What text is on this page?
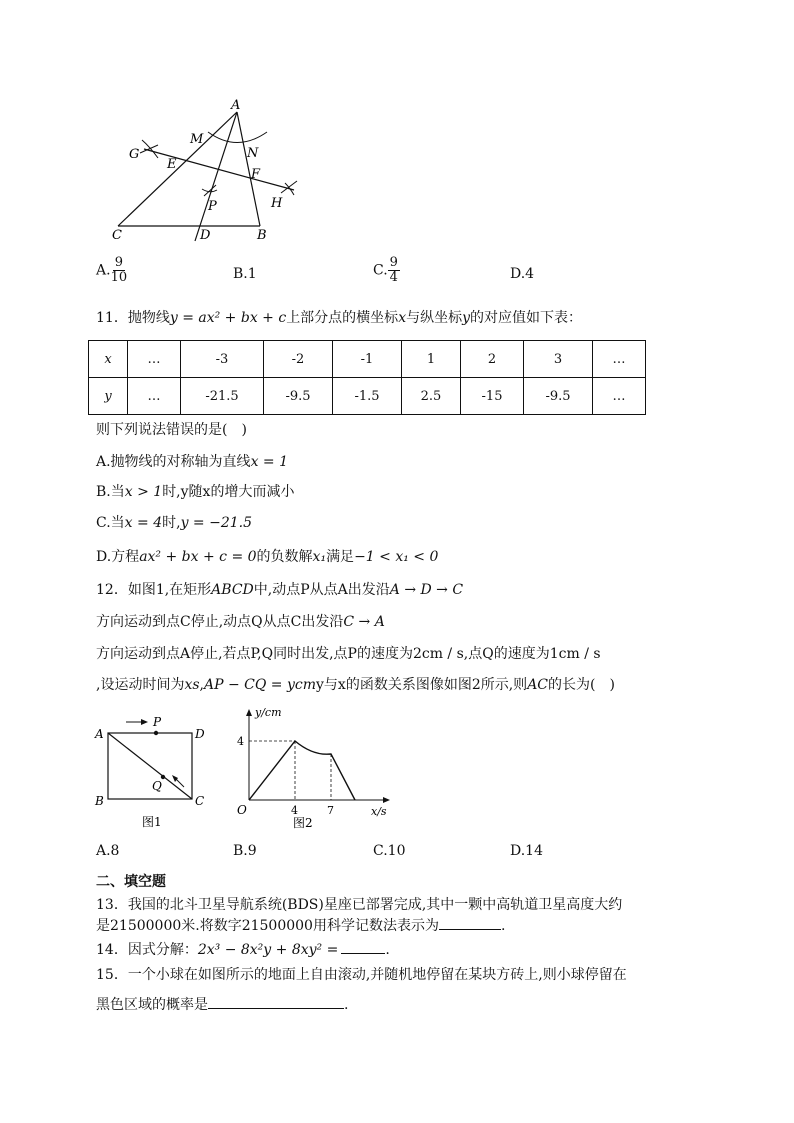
A
M
N
G
E
F
P	H
C	D	B
A. $\frac{9}{10}$	B.1	C. $\frac{9}{4}$	D.4
11．抛物线y = ax² + bx + c上部分点的横坐标x与纵坐标y的对应值如下表：
x	…	-3	-2	-1	1	2	3	…
y	…	-21.5	-9.5	-1.5	2.5	-15	-9.5	…
则下列说法错误的是(　)
A.抛物线的对称轴为直线x = 1
B.当x > 1时,y随x的增大而减小
C.当x = 4时,y = −21.5
D.方程ax² + bx + c = 0的负数解x₁满足−1 < x₁ < 0
12．如图1,在矩形ABCD中,动点P从点A出发沿A → D → C
方向运动到点C停止,动点Q从点C出发沿C → A
方向运动到点A停止,若点P,Q同时出发,点P的速度为2cm / s,点Q的速度为1cm / s
,设运动时间为xs,AP − CQ = ycmy与x的函数关系图像如图2所示,则AC的长为(　)
A	D
B	C
P
Q
图1
y/cm
x/s
O
4
4	7
图2
A.8	B.9	C.10	D.14
二、填空题
13．我国的北斗卫星导航系统(BDS)星座已部署完成,其中一颗中高轨道卫星高度大约
是21500000米.将数字21500000用科学记数法表示为	.
14．因式分解：2x³ − 8x²y + 8xy² =	.
15．一个小球在如图所示的地面上自由滚动,并随机地停留在某块方砖上,则小球停留在
黑色区域的概率是	.
